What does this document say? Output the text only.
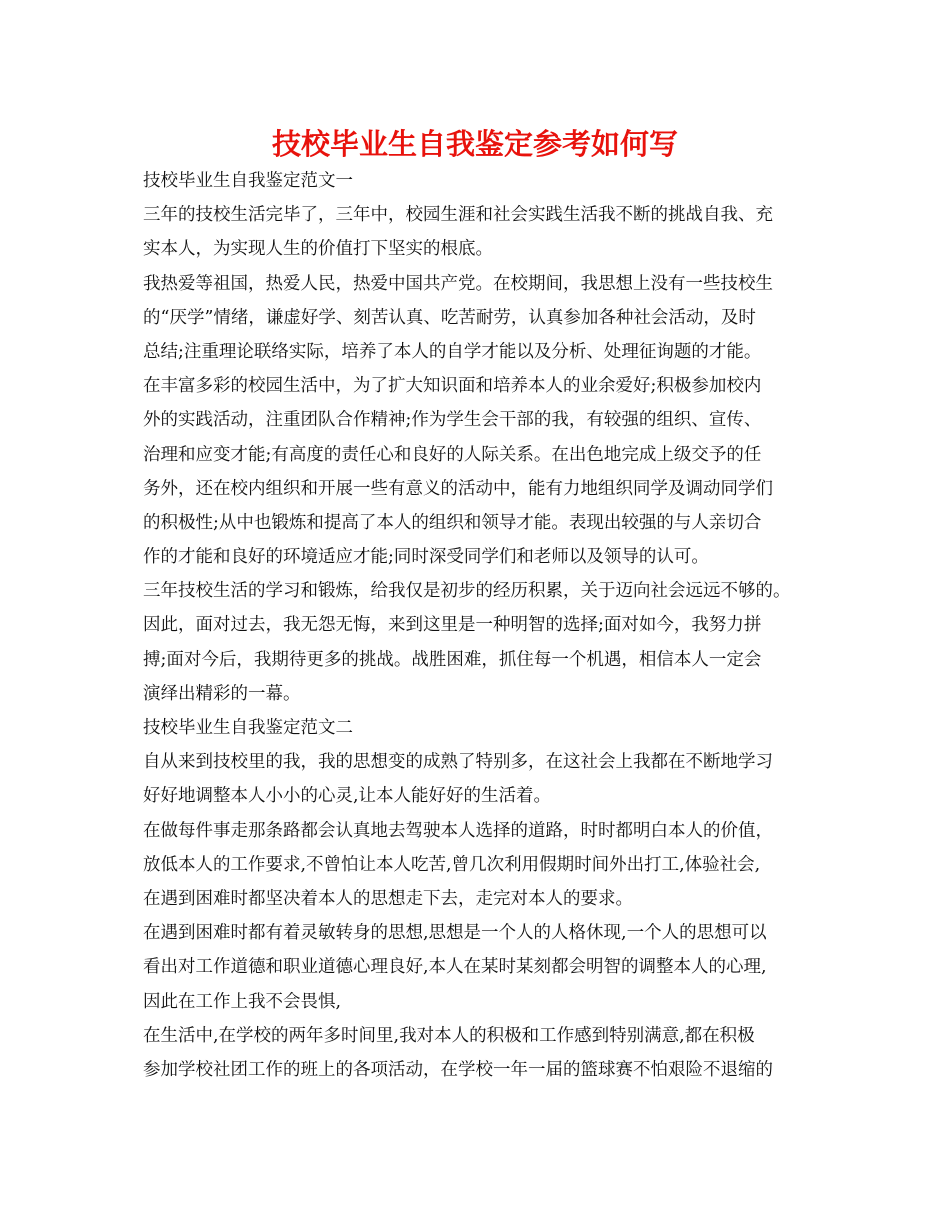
技校毕业生自我鉴定参考如何写
技校毕业生自我鉴定范文一
三年的技校生活完毕了，三年中，校园生涯和社会实践生活我不断的挑战自我、充
实本人，为实现人生的价值打下坚实的根底。
我热爱等祖国，热爱人民，热爱中国共产党。在校期间，我思想上没有一些技校生
的“厌学”情绪，谦虚好学、刻苦认真、吃苦耐劳，认真参加各种社会活动，及时
总结;注重理论联络实际，培养了本人的自学才能以及分析、处理征询题的才能。
在丰富多彩的校园生活中，为了扩大知识面和培养本人的业余爱好;积极参加校内
外的实践活动，注重团队合作精神;作为学生会干部的我，有较强的组织、宣传、
治理和应变才能;有高度的责任心和良好的人际关系。在出色地完成上级交予的任
务外，还在校内组织和开展一些有意义的活动中，能有力地组织同学及调动同学们
的积极性;从中也锻炼和提高了本人的组织和领导才能。表现出较强的与人亲切合
作的才能和良好的环境适应才能;同时深受同学们和老师以及领导的认可。
三年技校生活的学习和锻炼，给我仅是初步的经历积累，关于迈向社会远远不够的。
因此，面对过去，我无怨无悔，来到这里是一种明智的选择;面对如今，我努力拼
搏;面对今后，我期待更多的挑战。战胜困难，抓住每一个机遇，相信本人一定会
演绎出精彩的一幕。
技校毕业生自我鉴定范文二
自从来到技校里的我，我的思想变的成熟了特别多，在这社会上我都在不断地学习
好好地调整本人小小的心灵,让本人能好好的生活着。
在做每件事走那条路都会认真地去驾驶本人选择的道路，时时都明白本人的价值，
放低本人的工作要求,不曾怕让本人吃苦,曾几次利用假期时间外出打工,体验社会,
在遇到困难时都坚决着本人的思想走下去，走完对本人的要求。
在遇到困难时都有着灵敏转身的思想,思想是一个人的人格休现,一个人的思想可以
看出对工作道德和职业道德心理良好,本人在某时某刻都会明智的调整本人的心理,
因此在工作上我不会畏惧,
在生活中,在学校的两年多时间里,我对本人的积极和工作感到特别满意,都在积极
参加学校社团工作的班上的各项活动，在学校一年一届的篮球赛不怕艰险不退缩的
